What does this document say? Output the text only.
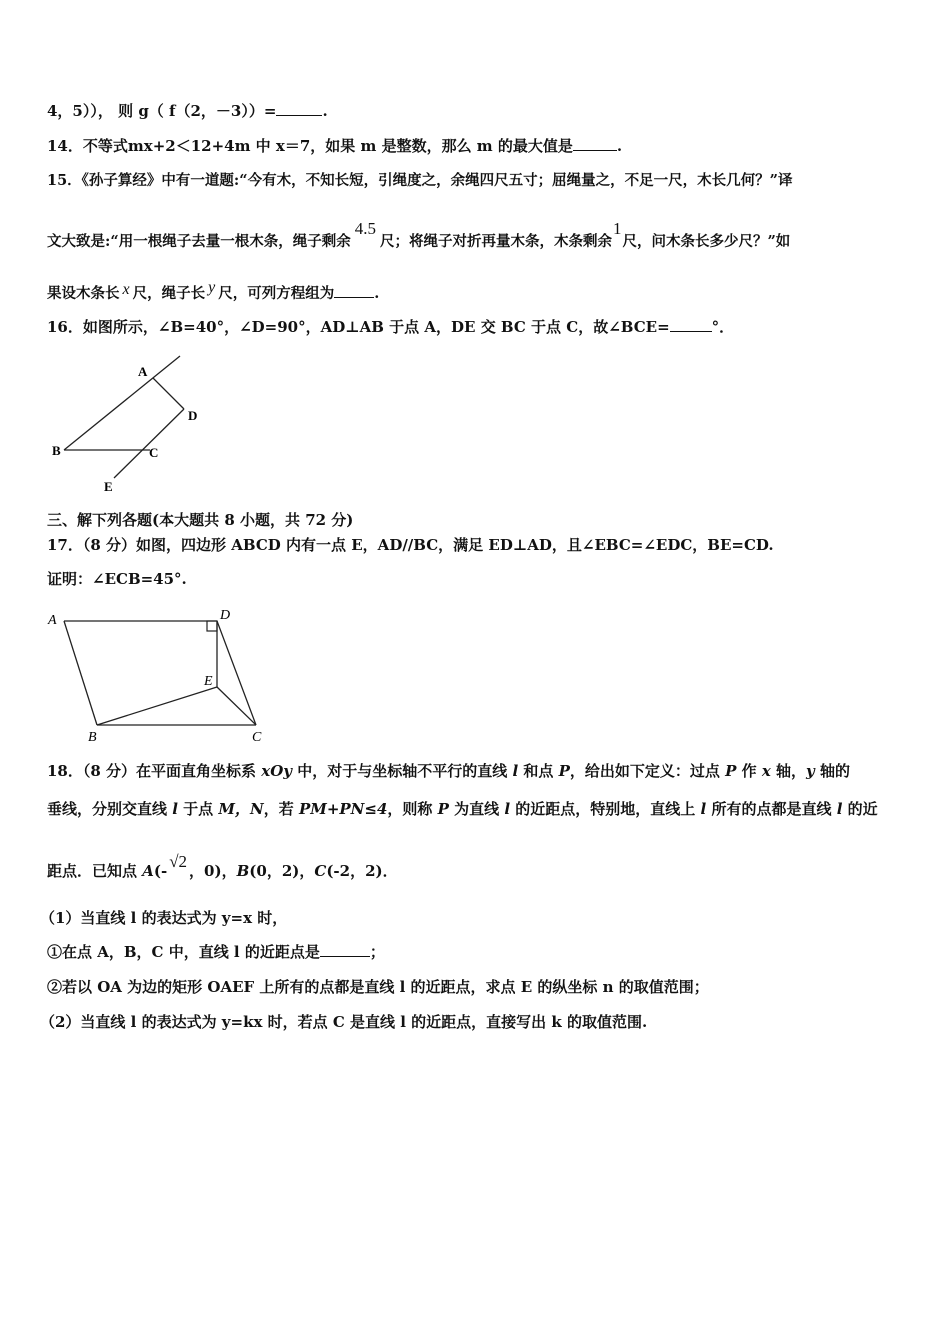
4，5））， 则 g（ f（2，－3））=	.
14．不等式mx+2＜12+4m 中 x＝7，如果 m 是整数，那么 m 的最大值是	.
15．《孙子算经》中有一道题:“今有木，不知长短，引绳度之，余绳四尺五寸；屈绳量之，不足一尺，木长几何？”译
文大致是:“用一根绳子去量一根木条，绳子剩余4.5尺；将绳子对折再量木条，木条剩余1尺，问木条长多少尺？”如
果设木条长 x 尺，绳子长 y 尺，可列方程组为	.
16．如图所示，∠B=40°，∠D=90°，AD⊥AB 于点 A，DE 交 BC 于点 C，故∠BCE=	°．
A
D
B	C
E
三、解下列各题(本大题共 8 小题，共 72 分)
17．（8 分）如图，四边形 ABCD 内有一点 E，AD//BC，满足 ED⊥AD，且∠EBC=∠EDC，BE=CD.
证明：∠ECB=45°.
A	D
E
B	C
18．（8 分）在平面直角坐标系 xOy 中，对于与坐标轴不平行的直线 l 和点 P，给出如下定义：过点 P 作 x 轴，y 轴的
垂线，分别交直线 l 于点 M，N，若 PM+PN≤4，则称 P 为直线 l 的近距点，特别地，直线上 l 所有的点都是直线 l 的近
距点．已知点 A(- √2 ，0)，B(0，2)，C(-2，2)．
（1）当直线 l 的表达式为 y=x 时，
①在点 A，B，C 中，直线 l 的近距点是	；
②若以 OA 为边的矩形 OAEF 上所有的点都是直线 l 的近距点，求点 E 的纵坐标 n 的取值范围；
（2）当直线 l 的表达式为 y=kx 时，若点 C 是直线 l 的近距点，直接写出 k 的取值范围.
